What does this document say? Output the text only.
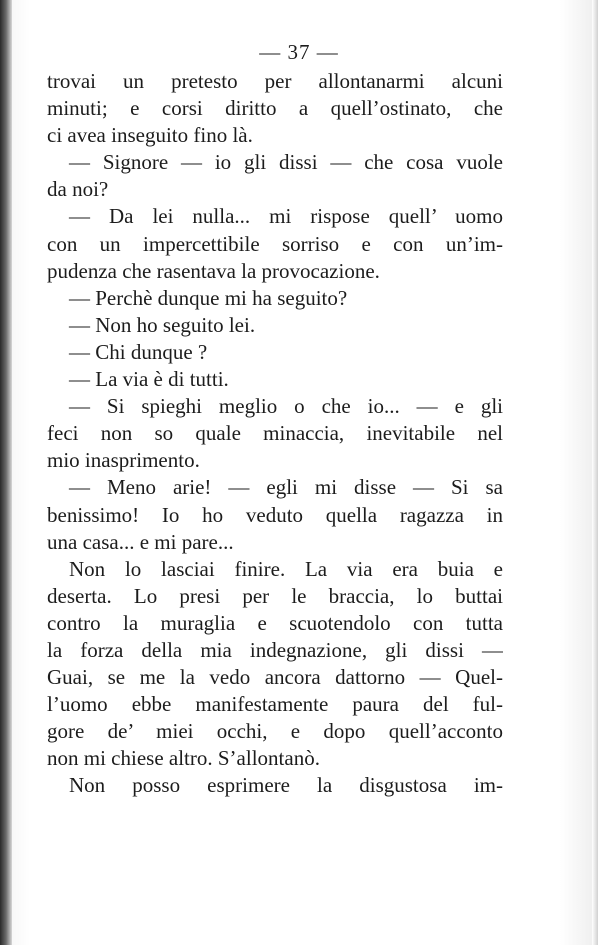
— 37 —
trovai un pretesto per allontanarmi alcuni
minuti; e corsi diritto a quell’ostinato, che
ci avea inseguito fino là.
— Signore — io gli dissi — che cosa vuole
da noi?
— Da lei nulla... mi rispose quell’ uomo
con un impercettibile sorriso e con un’im-
pudenza che rasentava la provocazione.
— Perchè dunque mi ha seguito?
— Non ho seguito lei.
— Chi dunque ?
— La via è di tutti.
— Si spieghi meglio o che io... — e gli
feci non so quale minaccia, inevitabile nel
mio inasprimento.
— Meno arie! — egli mi disse — Si sa
benissimo! Io ho veduto quella ragazza in
una casa... e mi pare...
Non lo lasciai finire. La via era buia e
deserta. Lo presi per le braccia, lo buttai
contro la muraglia e scuotendolo con tutta
la forza della mia indegnazione, gli dissi —
Guai, se me la vedo ancora dattorno — Quel-
l’uomo ebbe manifestamente paura del ful-
gore de’ miei occhi, e dopo quell’acconto
non mi chiese altro. S’allontanò.
Non posso esprimere la disgustosa im-
